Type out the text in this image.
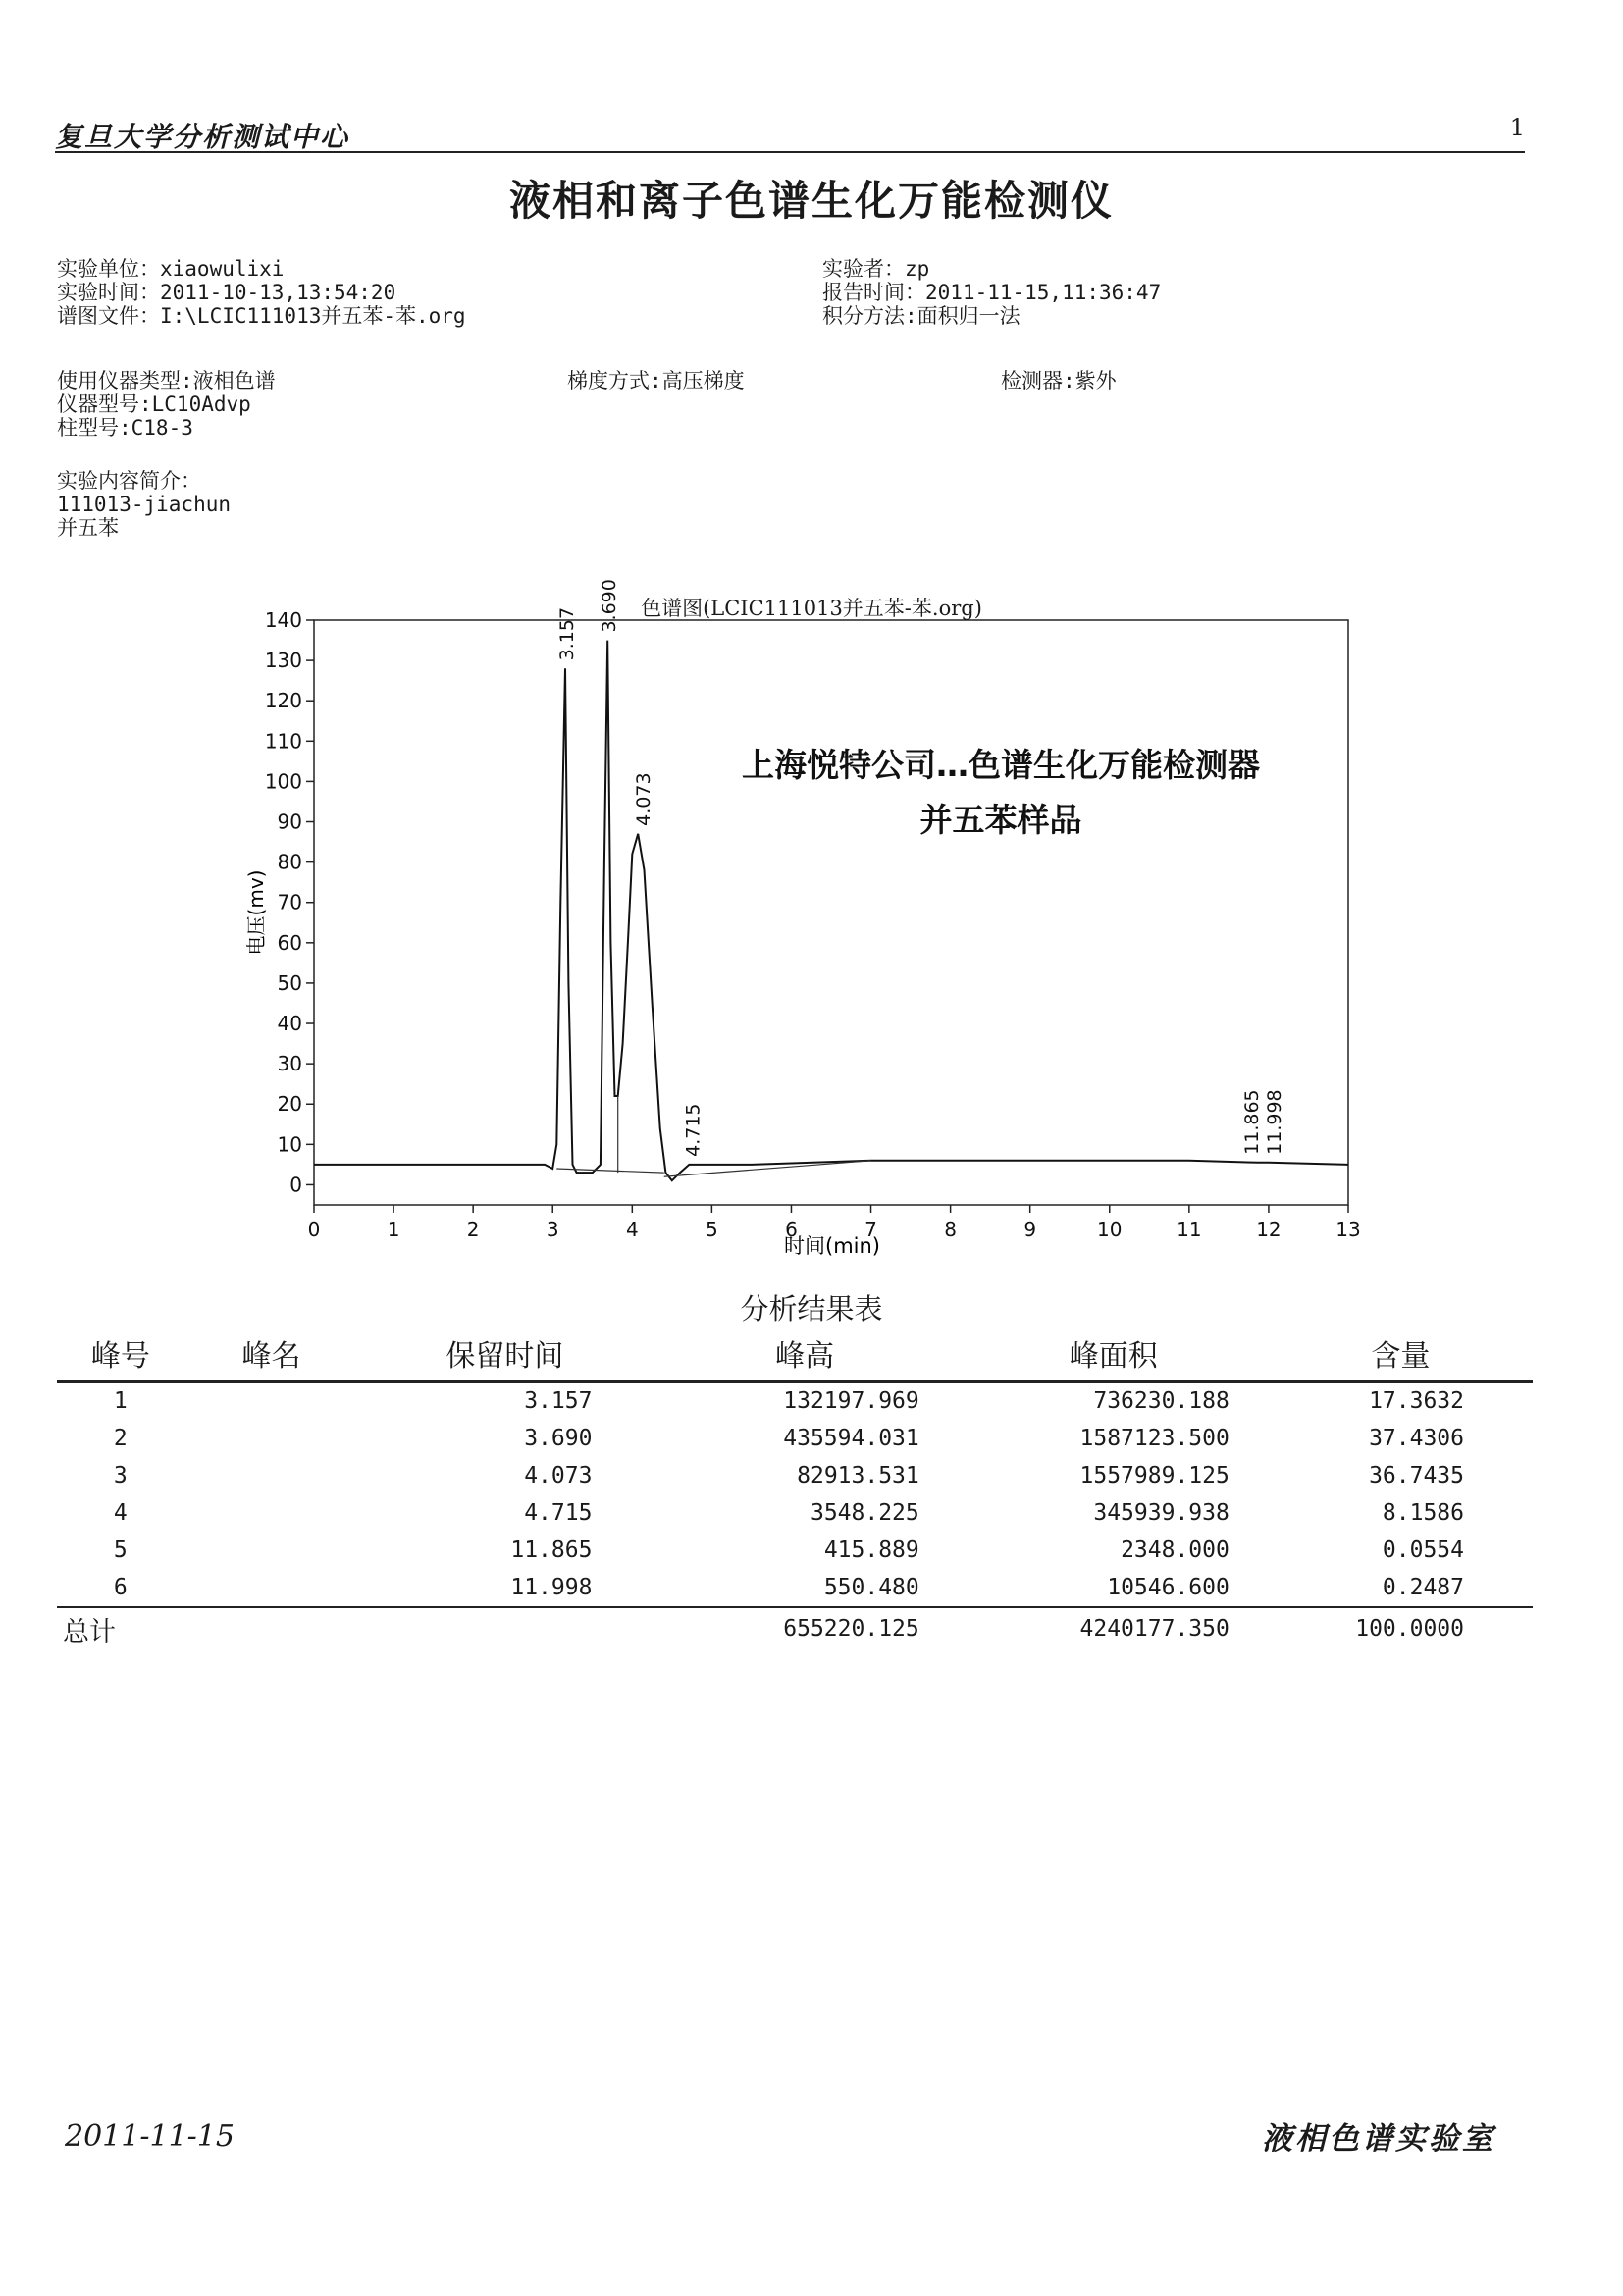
复旦大学分析测试中心	1
液相和离子色谱生化万能检测仪
实验单位：xiaowulixi
实验时间：2011-10-13,13:54:20
谱图文件：I:\LCIC111013并五苯-苯.org
实验者：zp
报告时间：2011-11-15,11:36:47
积分方法:面积归一法
使用仪器类型:液相色谱
仪器型号:LC10Advp
柱型号:C18-3
梯度方式:高压梯度	检测器:紫外
实验内容简介：
111013-jiachun
并五苯
色谱图(LCIC111013并五苯-苯.org)
0	1	2	3	4	5	6	7	8	9	10	11	12	13
0
10
20
30
40
50
60
70
80
90
100
110
120
130
140	3.157
3.690
4.073
4.715	11.865 11.998
电压(mv)
时间(min)
上海悦特公司…色谱生化万能检测器
并五苯样品
分析结果表
峰号	峰名	保留时间	峰高	峰面积	含量
1		3.157	132197.969	736230.188	17.3632
2		3.690	435594.031	1587123.500	37.4306
3		4.073	82913.531	1557989.125	36.7435
4		4.715	3548.225	345939.938	8.1586
5		11.865	415.889	2348.000	0.0554
6		11.998	550.480	10546.600	0.2487
总计			655220.125	4240177.350	100.0000
2011-11-15	液相色谱实验室
